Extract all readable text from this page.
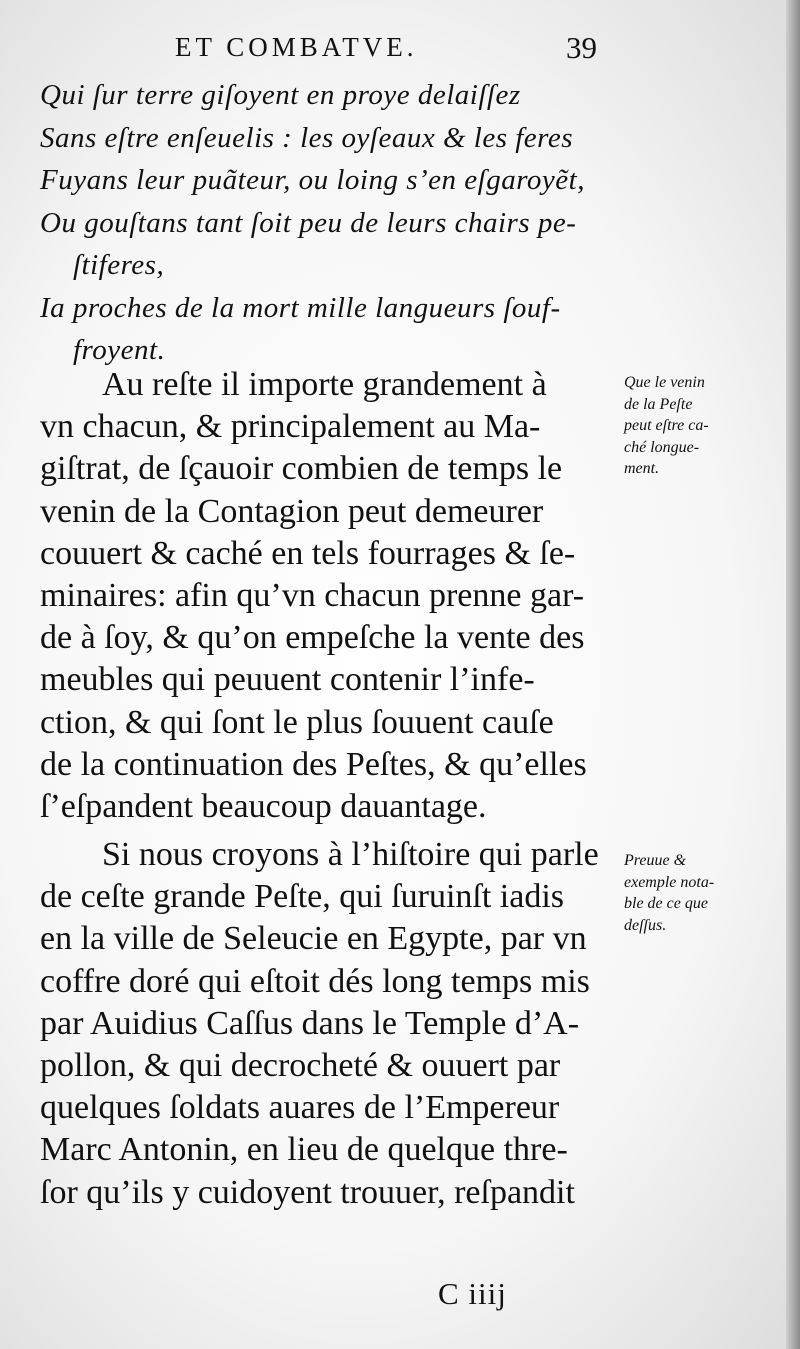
ET COMBATVE.	39
Qui ſur terre giſoyent en proye delaiſſez
Sans eſtre enſeuelis : les oyſeaux & les feres
Fuyans leur puãteur, ou loing s’en eſgaroyẽt,
Ou gouſtans tant ſoit peu de leurs chairs pe-
ſtiferes,
Ia proches de la mort mille langueurs ſouf-
froyent.
Au reſte il importe grandement à
vn chacun, & principalement au Ma-
giſtrat, de ſçauoir combien de temps le
venin de la Contagion peut demeurer
couuert & caché en tels fourrages & ſe-
minaires: afin qu’vn chacun prenne gar-
de à ſoy, & qu’on empeſche la vente des
meubles qui peuuent contenir l’infe-
ction, & qui ſont le plus ſouuent cauſe
de la continuation des Peſtes, & qu’elles
ſ’eſpandent beaucoup dauantage.
Que le venin
de la Peſte
peut eſtre ca-
ché longue-
ment.
Si nous croyons à l’hiſtoire qui parle
de ceſte grande Peſte, qui ſuruinſt iadis
en la ville de Seleucie en Egypte, par vn
coffre doré qui eſtoit dés long temps mis
par Auidius Caſſus dans le Temple d’A-
pollon, & qui decrocheté & ouuert par
quelques ſoldats auares de l’Empereur
Marc Antonin, en lieu de quelque thre-
ſor qu’ils y cuidoyent trouuer, reſpandit
Preuue &
exemple nota-
ble de ce que
deſſus.
C iiij
